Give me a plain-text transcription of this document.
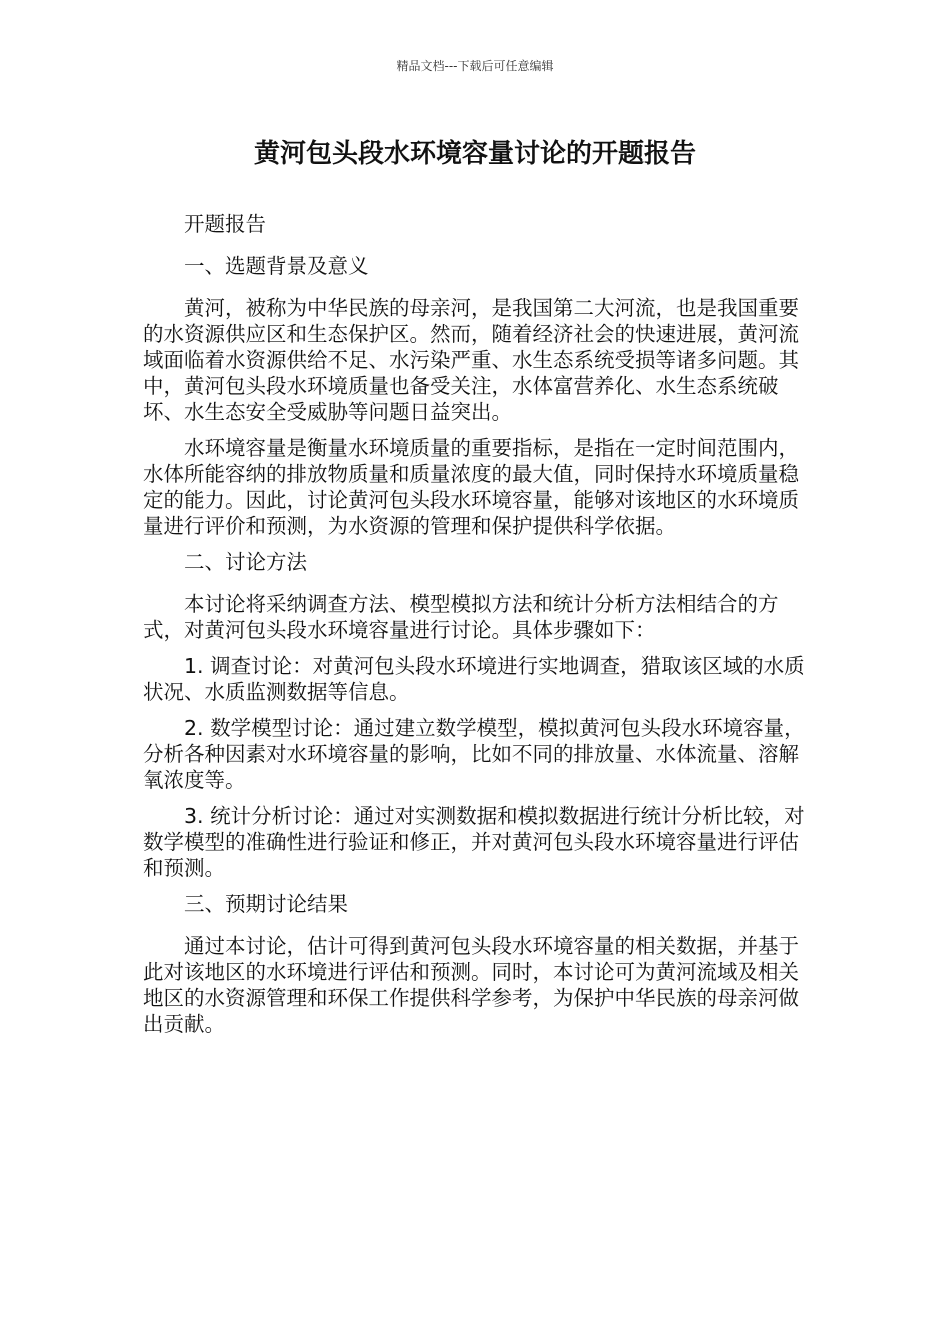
精品文档---下载后可任意编辑
黄河包头段水环境容量讨论的开题报告

开题报告

一、选题背景及意义

黄河，被称为中华民族的母亲河，是我国第二大河流，也是我国重要的水资源供应区和生态保护区。然而，随着经济社会的快速进展，黄河流域面临着水资源供给不足、水污染严重、水生态系统受损等诸多问题。其中，黄河包头段水环境质量也备受关注，水体富营养化、水生态系统破坏、水生态安全受威胁等问题日益突出。

水环境容量是衡量水环境质量的重要指标，是指在一定时间范围内，水体所能容纳的排放物质量和质量浓度的最大值，同时保持水环境质量稳定的能力。因此，讨论黄河包头段水环境容量，能够对该地区的水环境质量进行评价和预测，为水资源的管理和保护提供科学依据。

二、讨论方法

本讨论将采纳调查方法、模型模拟方法和统计分析方法相结合的方式，对黄河包头段水环境容量进行讨论。具体步骤如下：

1. 调查讨论：对黄河包头段水环境进行实地调查，猎取该区域的水质状况、水质监测数据等信息。

2. 数学模型讨论：通过建立数学模型，模拟黄河包头段水环境容量，分析各种因素对水环境容量的影响，比如不同的排放量、水体流量、溶解氧浓度等。

3. 统计分析讨论：通过对实测数据和模拟数据进行统计分析比较，对数学模型的准确性进行验证和修正，并对黄河包头段水环境容量进行评估和预测。

三、预期讨论结果

通过本讨论，估计可得到黄河包头段水环境容量的相关数据，并基于此对该地区的水环境进行评估和预测。同时，本讨论可为黄河流域及相关地区的水资源管理和环保工作提供科学参考，为保护中华民族的母亲河做出贡献。
